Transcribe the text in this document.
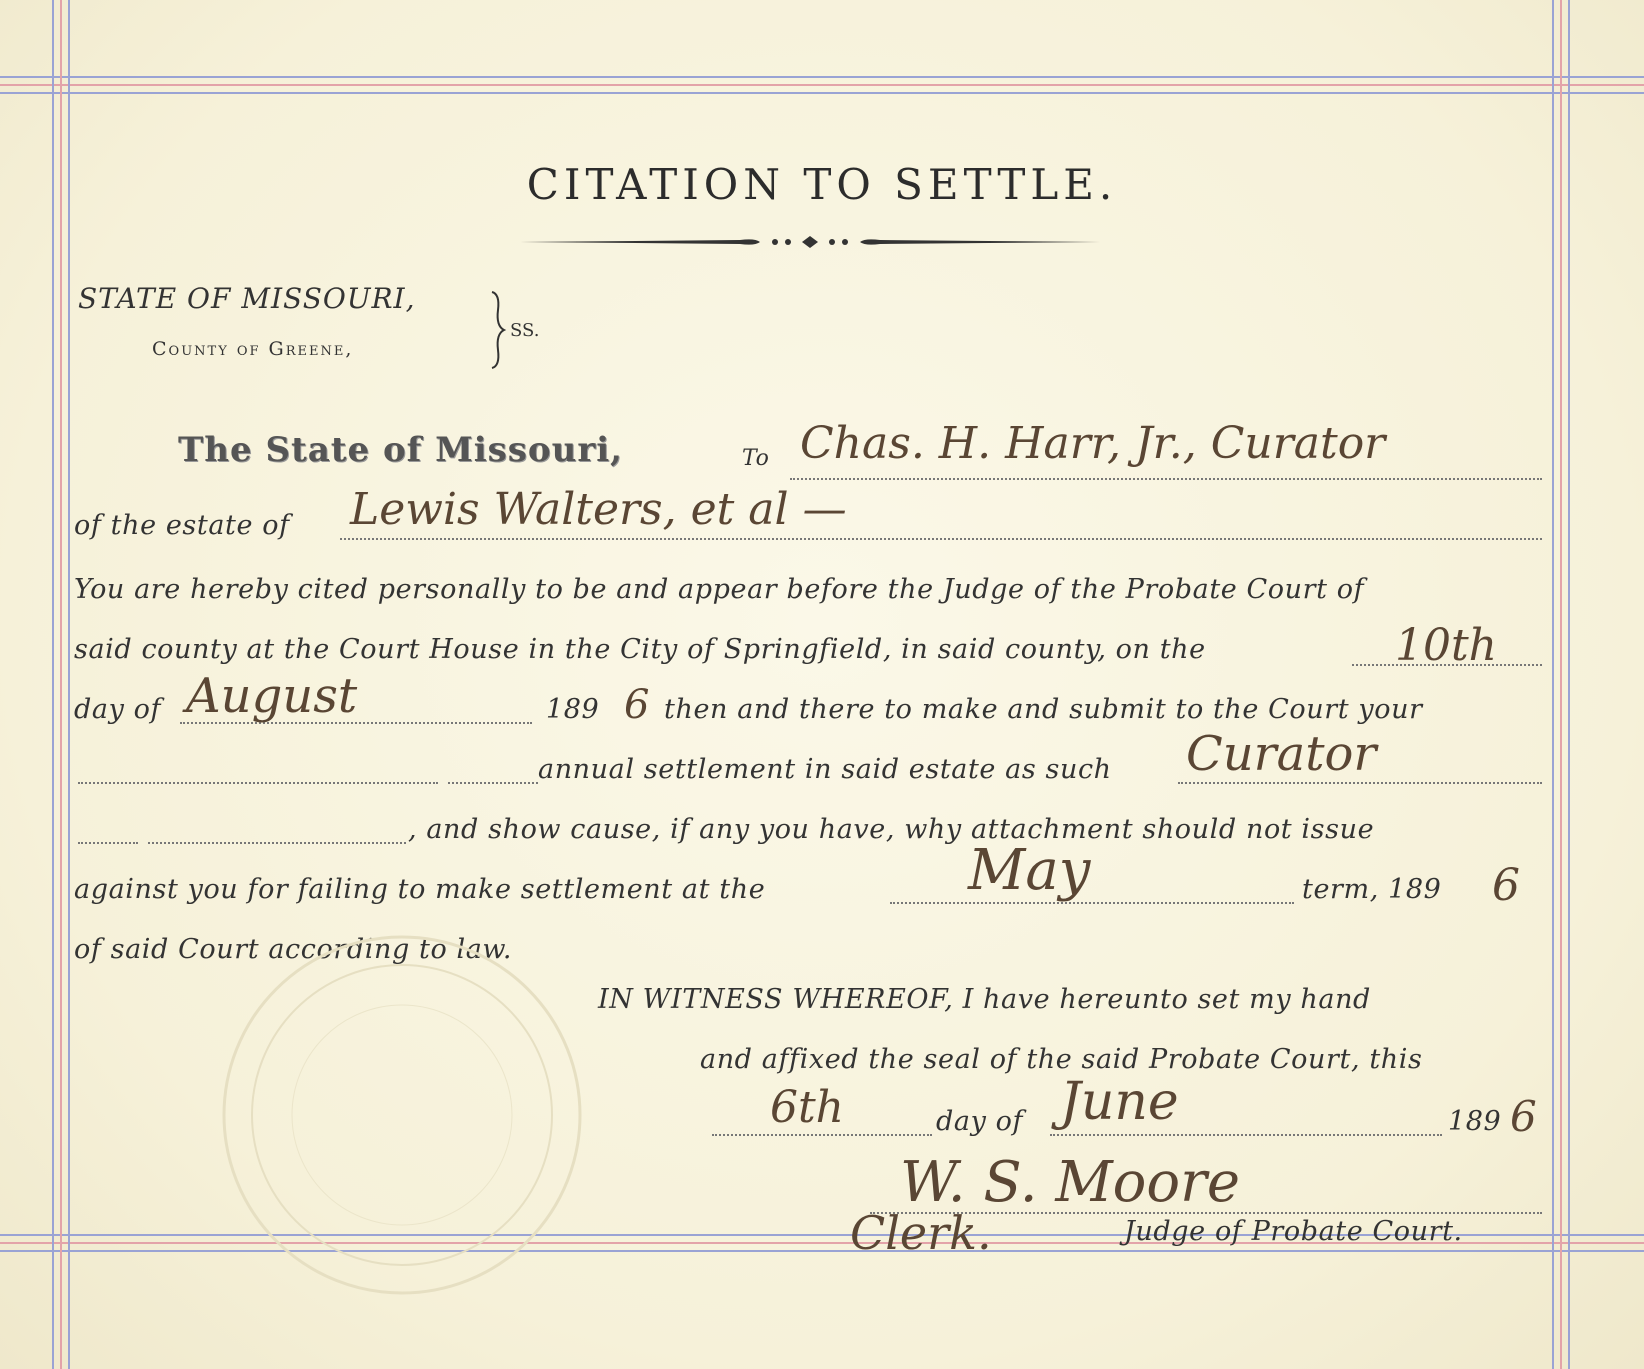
CITATION TO SETTLE.
STATE OF MISSOURI,
County of Greene,
SS.
The State of Missouri,	To Chas. H. Harr, Jr., Curator
of the estate of Lewis Walters, et al —
You are hereby cited personally to be and appear before the Judge of the Probate Court of
said county at the Court House in the City of Springfield, in said county, on the	10th
day of August	189 6 then and there to make and submit to the Court your
annual settlement in said estate as such Curator
, and show cause, if any you have, why attachment should not issue
against you for failing to make settlement at the	May	term, 189 6
of said Court according to law.
IN WITNESS WHEREOF, I have hereunto set my hand
and affixed the seal of the said Probate Court, this
6th	day of June	189 6
W. S. Moore
Clerk.	Judge of Probate Court.
